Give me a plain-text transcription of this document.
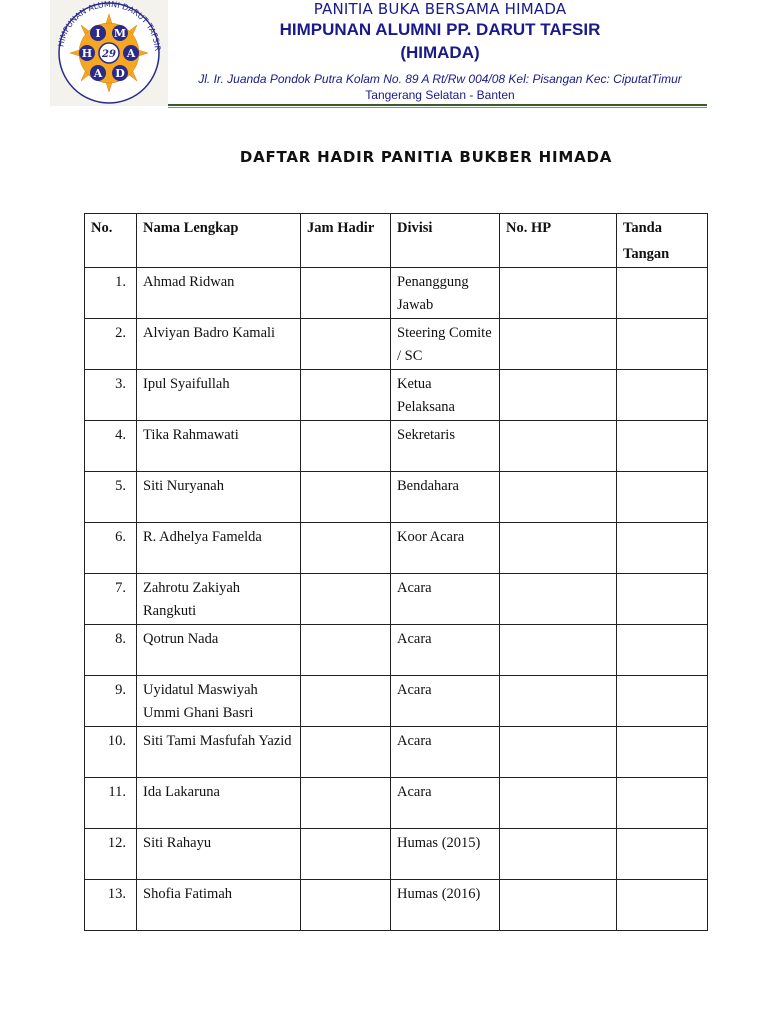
HIMPUNAN ALUMNI DARUT TAFSIR
I M
H	A
A D
29
PANITIA BUKA BERSAMA HIMADA
HIMPUNAN ALUMNI PP. DARUT TAFSIR
(HIMADA)
Jl. Ir. Juanda Pondok Putra Kolam No. 89 A Rt/Rw 004/08 Kel: Pisangan Kec: CiputatTimur
Tangerang Selatan - Banten
DAFTAR HADIR PANITIA BUKBER HIMADA
No.	Nama Lengkap	Jam Hadir	Divisi	No. HP	Tanda
Tangan
1.	Ahmad Ridwan		Penanggung Jawab		
2.	Alviyan Badro Kamali		Steering Comite / SC		
3.	Ipul Syaifullah		Ketua Pelaksana		
4.	Tika Rahmawati		Sekretaris		
5.	Siti Nuryanah		Bendahara		
6.	R. Adhelya Famelda		Koor Acara		
7.	Zahrotu Zakiyah Rangkuti		Acara		
8.	Qotrun Nada		Acara		
9.	Uyidatul Maswiyah Ummi Ghani Basri		Acara		
10.	Siti Tami Masfufah Yazid		Acara		
11.	Ida Lakaruna		Acara		
12.	Siti Rahayu		Humas (2015)		
13.	Shofia Fatimah		Humas (2016)		
